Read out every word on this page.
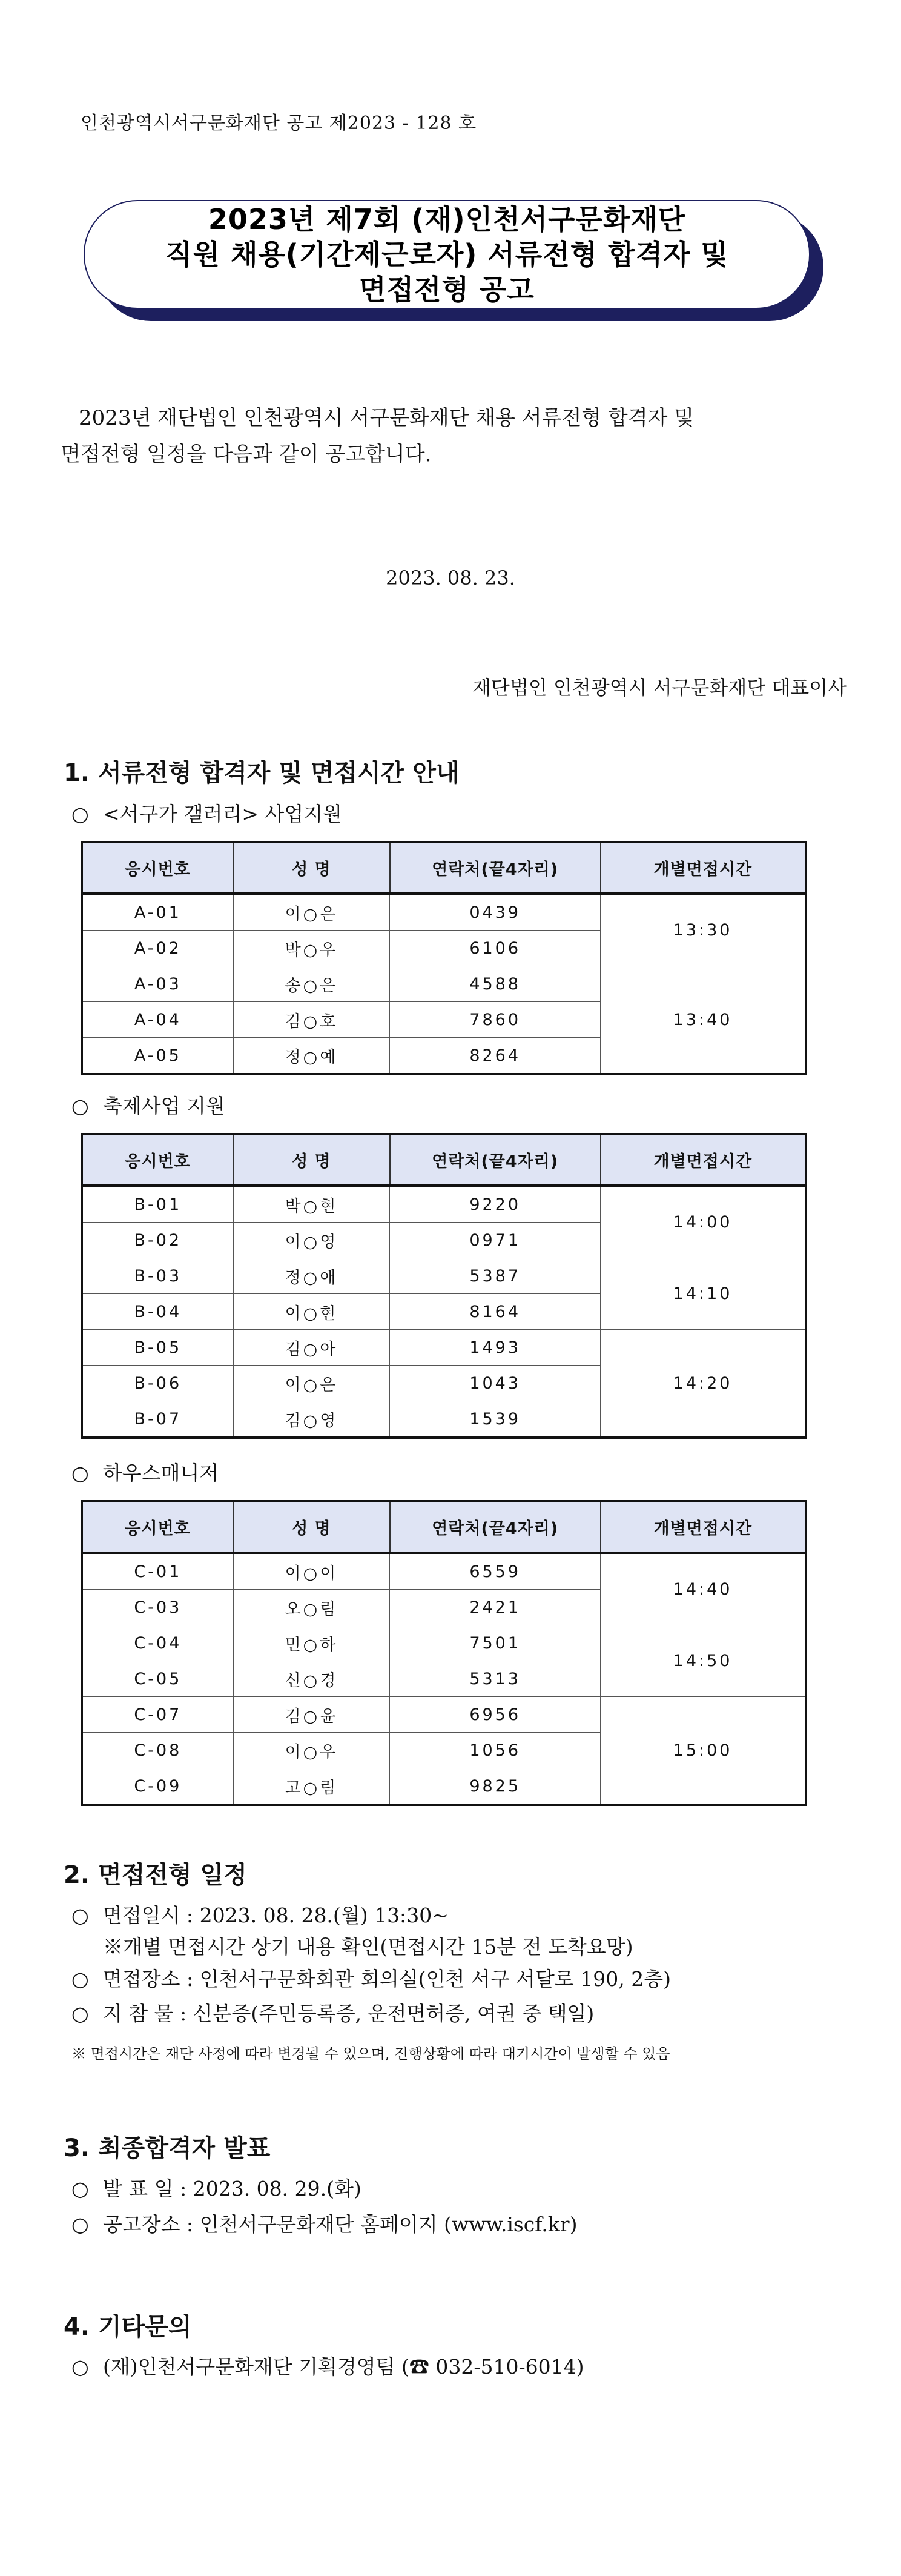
인천광역시서구문화재단 공고 제2023 - 128 호
2023년 제7회 (재)인천서구문화재단
직원 채용(기간제근로자) 서류전형 합격자 및
면접전형 공고

2023년 재단법인 인천광역시 서구문화재단 채용 서류전형 합격자 및

면접전형 일정을 다음과 같이 공고합니다.

2023. 08. 23.
재단법인 인천광역시 서구문화재단 대표이사
1. 서류전형 합격자 및 면접시간 안내
○ <서구가 갤러리> 사업지원
응시번호	성 명	연락처(끝4자리)	개별면접시간
A-01	이○은	0439	13:30
A-02	박○우	6106	
A-03	송○은	4588	13:40
A-04	김○호	7860	
A-05	정○예	8264	
○ 축제사업 지원
응시번호	성 명	연락처(끝4자리)	개별면접시간
B-01	박○현	9220	14:00
B-02	이○영	0971	
B-03	정○애	5387	14:10
B-04	이○현	8164	
B-05	김○아	1493	14:20
B-06	이○은	1043	
B-07	김○영	1539	
○ 하우스매니저
응시번호	성 명	연락처(끝4자리)	개별면접시간
C-01	이○이	6559	14:40
C-03	오○림	2421	
C-04	민○하	7501	14:50
C-05	신○경	5313	
C-07	김○윤	6956	15:00
C-08	이○우	1056	
C-09	고○림	9825	
2. 면접전형 일정
○ 면접일시 : 2023. 08. 28.(월) 13:30~
※개별 면접시간 상기 내용 확인(면접시간 15분 전 도착요망)
○ 면접장소 : 인천서구문화회관 회의실(인천 서구 서달로 190, 2층)
○ 지 참 물 : 신분증(주민등록증, 운전면허증, 여권 중 택일)
※ 면접시간은 재단 사정에 따라 변경될 수 있으며, 진행상황에 따라 대기시간이 발생할 수 있음
3. 최종합격자 발표
○ 발 표 일 : 2023. 08. 29.(화)
○ 공고장소 : 인천서구문화재단 홈페이지 (www.iscf.kr)
4. 기타문의
○ (재)인천서구문화재단 기획경영팀 (☎ 032-510-6014)
